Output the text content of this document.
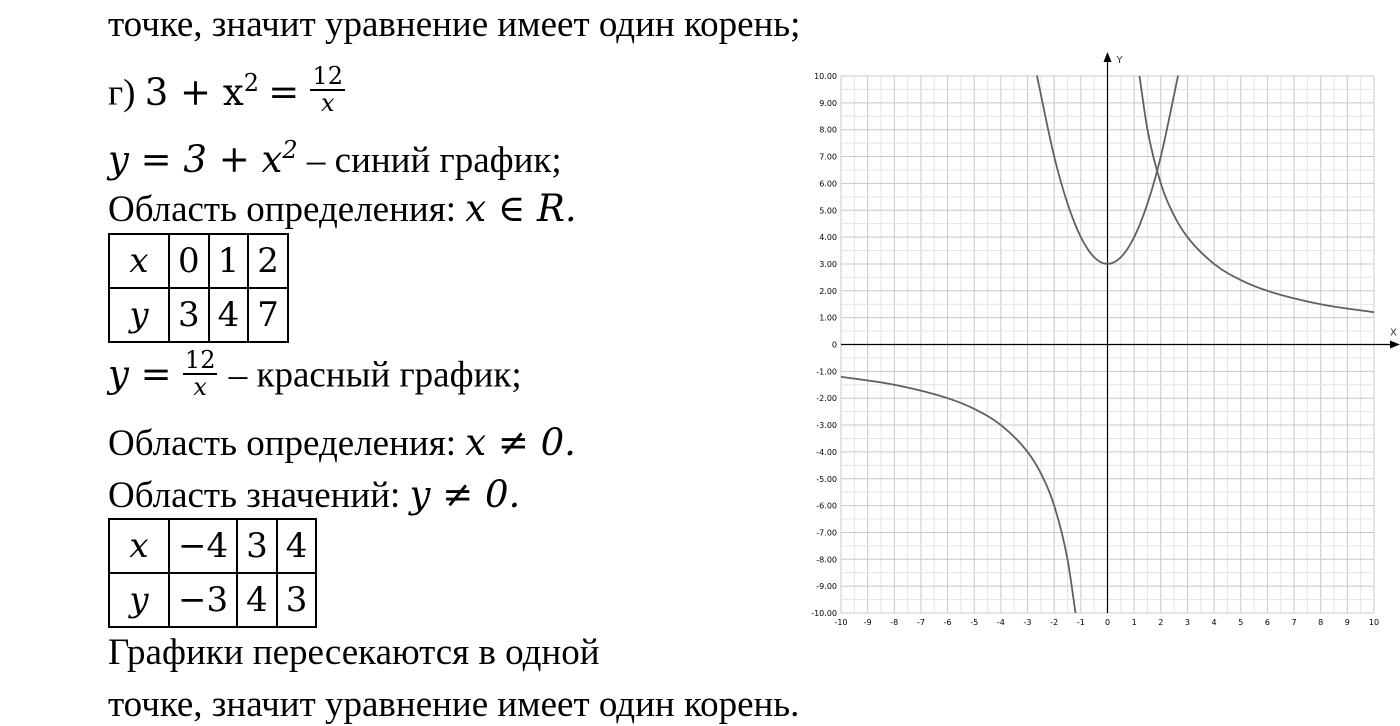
точке, значит уравнение имеет один корень;
г) $3 + x^2 = \frac{12}{x}$
$y = 3 + x^2$ – синий график;
Область определения: x ∈ R.
x	0	1	2
y	3	4	7
$y = \frac{12}{x}$ – красный график;
Область определения: x ≠ 0.
Область значений: y ≠ 0.
x	−4	3	4
y	−3	4	3
Графики пересекаются в одной
точке, значит уравнение имеет один корень.
X
Y
-10 -9 -8 -7 -6 -5 -4 -3 -2 -1	0	1	2	3	4	5	6	7	8	9 10
10.00
9.00
8.00
7.00
6.00
5.00
4.00
3.00
2.00
1.00
0
-1.00
-2.00
-3.00
-4.00
-5.00
-6.00
-7.00
-8.00
-9.00
-10.00
